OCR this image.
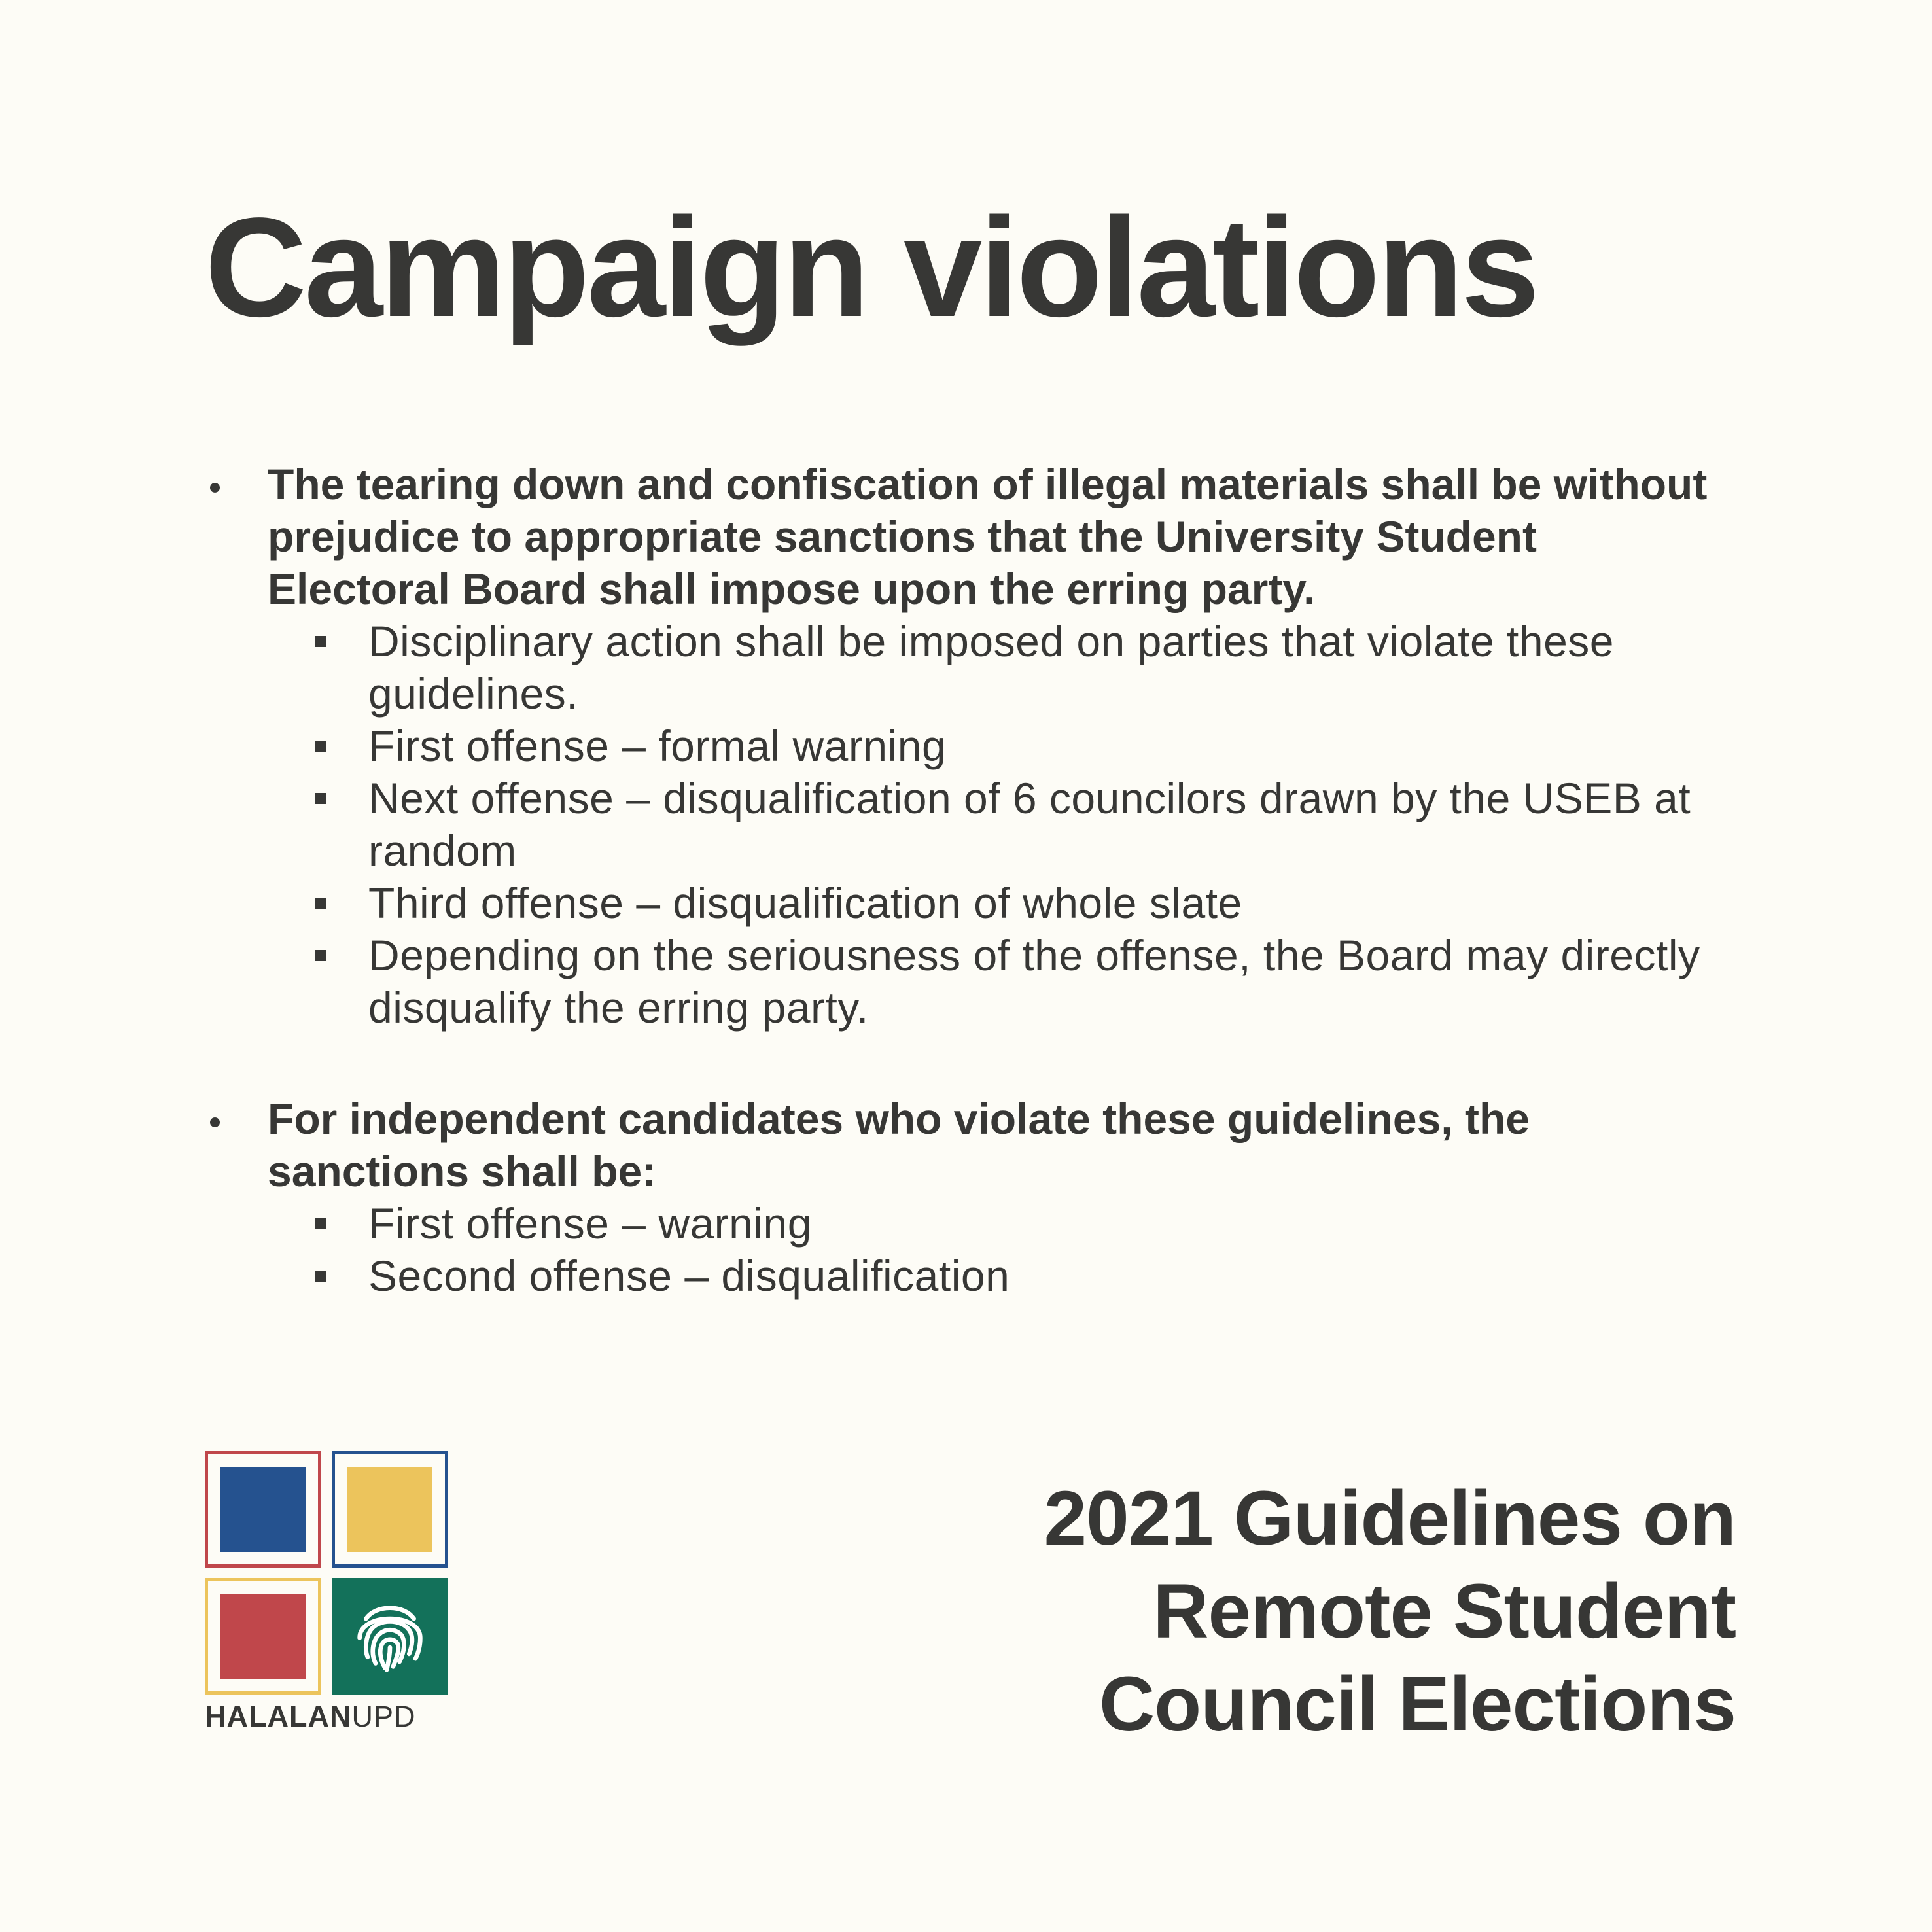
Campaign violations

The tearing down and confiscation of illegal materials shall be without prejudice to appropriate sanctions that the University Student Electoral Board shall impose upon the erring party.

Disciplinary action shall be imposed on parties that violate these guidelines.
First offense – formal warning
Next offense – disqualification of 6 councilors drawn by the USEB at random
Third offense – disqualification of whole slate
Depending on the seriousness of the offense, the Board may directly disqualify the erring party.

For independent candidates who violate these guidelines, the sanctions shall be:

First offense – warning
Second offense – disqualification
HALALANUPD
2021 Guidelines on
Remote Student
Council Elections
